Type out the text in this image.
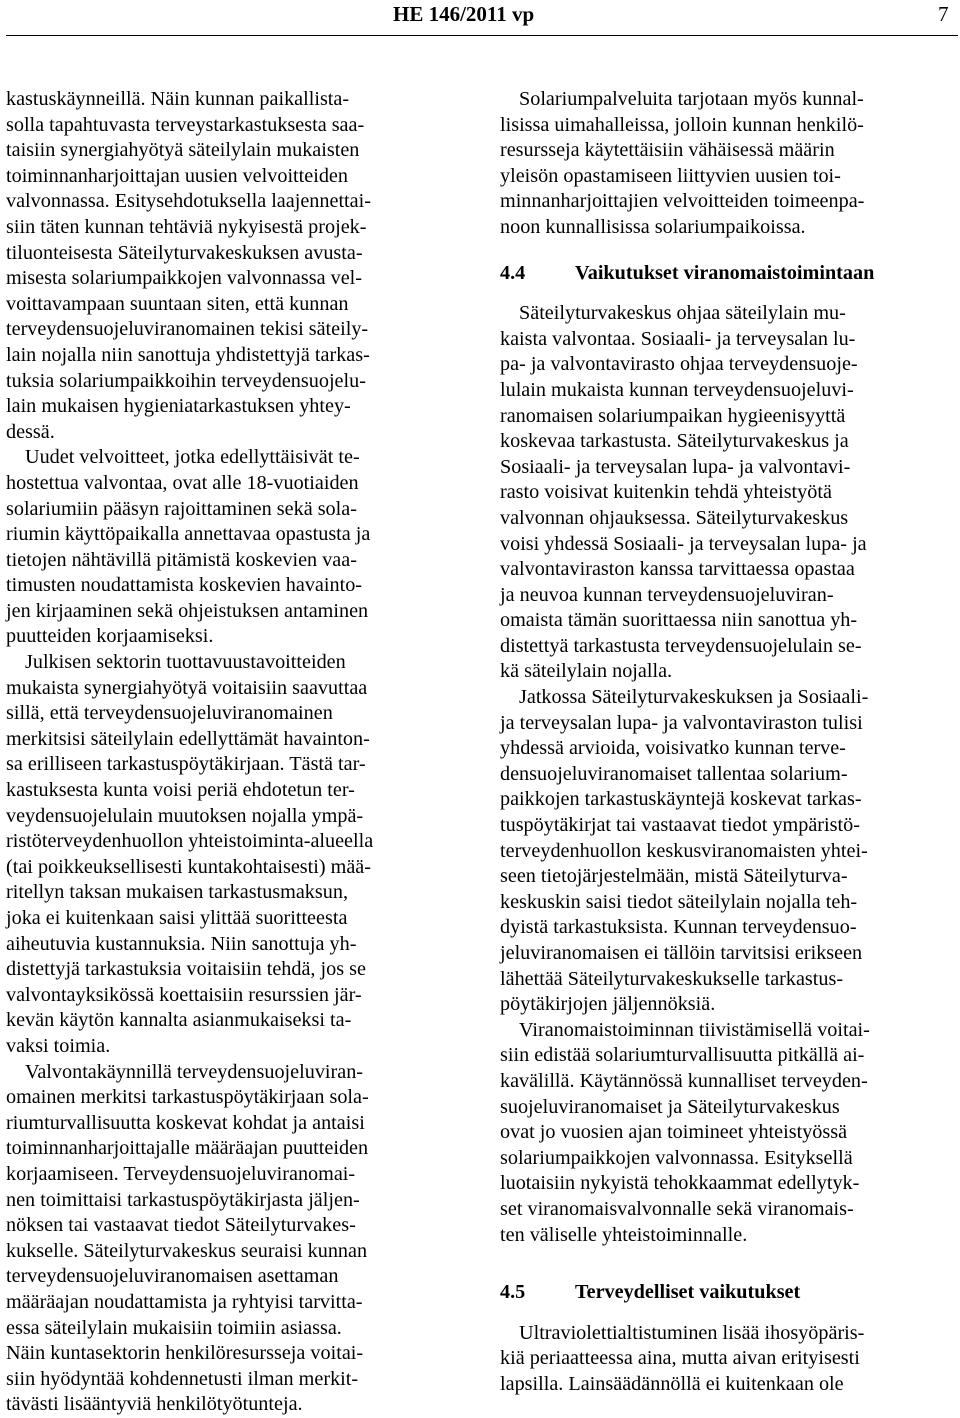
HE 146/2011 vp	7

kastuskäynneillä. Näin kunnan paikallista-
solla tapahtuvasta terveystarkastuksesta saa-
taisiin synergiahyötyä säteilylain mukaisten
toiminnanharjoittajan uusien velvoitteiden
valvonnassa. Esitysehdotuksella laajennettai-
siin täten kunnan tehtäviä nykyisestä projek-
tiluonteisesta Säteilyturvakeskuksen avusta-
misesta solariumpaikkojen valvonnassa vel-
voittavampaan suuntaan siten, että kunnan
terveydensuojeluviranomainen tekisi säteily-
lain nojalla niin sanottuja yhdistettyjä tarkas-
tuksia solariumpaikkoihin terveydensuojelu-
lain mukaisen hygieniatarkastuksen yhtey-
dessä.

Uudet velvoitteet, jotka edellyttäisivät te-
hostettua valvontaa, ovat alle 18-vuotiaiden
solariumiin pääsyn rajoittaminen sekä sola-
riumin käyttöpaikalla annettavaa opastusta ja
tietojen nähtävillä pitämistä koskevien vaa-
timusten noudattamista koskevien havainto-
jen kirjaaminen sekä ohjeistuksen antaminen
puutteiden korjaamiseksi.

Julkisen sektorin tuottavuustavoitteiden
mukaista synergiahyötyä voitaisiin saavuttaa
sillä, että terveydensuojeluviranomainen
merkitsisi säteilylain edellyttämät havainton-
sa erilliseen tarkastuspöytäkirjaan. Tästä tar-
kastuksesta kunta voisi periä ehdotetun ter-
veydensuojelulain muutoksen nojalla ympä-
ristöterveydenhuollon yhteistoiminta-alueella
(tai poikkeuksellisesti kuntakohtaisesti) mää-
ritellyn taksan mukaisen tarkastusmaksun,
joka ei kuitenkaan saisi ylittää suoritteesta
aiheutuvia kustannuksia. Niin sanottuja yh-
distettyjä tarkastuksia voitaisiin tehdä, jos se
valvontayksikössä koettaisiin resurssien jär-
kevän käytön kannalta asianmukaiseksi ta-
vaksi toimia.

Valvontakäynnillä terveydensuojeluviran-
omainen merkitsi tarkastuspöytäkirjaan sola-
riumturvallisuutta koskevat kohdat ja antaisi
toiminnanharjoittajalle määräajan puutteiden
korjaamiseen. Terveydensuojeluviranomai-
nen toimittaisi tarkastuspöytäkirjasta jäljen-
nöksen tai vastaavat tiedot Säteilyturvakes-
kukselle. Säteilyturvakeskus seuraisi kunnan
terveydensuojeluviranomaisen asettaman
määräajan noudattamista ja ryhtyisi tarvitta-
essa säteilylain mukaisiin toimiin asiassa.
Näin kuntasektorin henkilöresursseja voitai-
siin hyödyntää kohdennetusti ilman merkit-
tävästi lisääntyviä henkilötyötunteja.

Solariumpalveluita tarjotaan myös kunnal-
lisissa uimahalleissa, jolloin kunnan henkilö-
resursseja käytettäisiin vähäisessä määrin
yleisön opastamiseen liittyvien uusien toi-
minnanharjoittajien velvoitteiden toimeenpa-
noon kunnallisissa solariumpaikoissa.

4.4 Vaikutukset viranomaistoimintaan

Säteilyturvakeskus ohjaa säteilylain mu-
kaista valvontaa. Sosiaali- ja terveysalan lu-
pa- ja valvontavirasto ohjaa terveydensuoje-
lulain mukaista kunnan terveydensuojeluvi-
ranomaisen solariumpaikan hygieenisyyttä
koskevaa tarkastusta. Säteilyturvakeskus ja
Sosiaali- ja terveysalan lupa- ja valvontavi-
rasto voisivat kuitenkin tehdä yhteistyötä
valvonnan ohjauksessa. Säteilyturvakeskus
voisi yhdessä Sosiaali- ja terveysalan lupa- ja
valvontaviraston kanssa tarvittaessa opastaa
ja neuvoa kunnan terveydensuojeluviran-
omaista tämän suorittaessa niin sanottua yh-
distettyä tarkastusta terveydensuojelulain se-
kä säteilylain nojalla.

Jatkossa Säteilyturvakeskuksen ja Sosiaali-
ja terveysalan lupa- ja valvontaviraston tulisi
yhdessä arvioida, voisivatko kunnan terve-
densuojeluviranomaiset tallentaa solarium-
paikkojen tarkastuskäyntejä koskevat tarkas-
tuspöytäkirjat tai vastaavat tiedot ympäristö-
terveydenhuollon keskusviranomaisten yhtei-
seen tietojärjestelmään, mistä Säteilyturva-
keskuskin saisi tiedot säteilylain nojalla teh-
dyistä tarkastuksista. Kunnan terveydensuo-
jeluviranomaisen ei tällöin tarvitsisi erikseen
lähettää Säteilyturvakeskukselle tarkastus-
pöytäkirjojen jäljennöksiä.

Viranomaistoiminnan tiivistämisellä voitai-
siin edistää solariumturvallisuutta pitkällä ai-
kavälillä. Käytännössä kunnalliset terveyden-
suojeluviranomaiset ja Säteilyturvakeskus
ovat jo vuosien ajan toimineet yhteistyössä
solariumpaikkojen valvonnassa. Esityksellä
luotaisiin nykyistä tehokkaammat edellytyk-
set viranomaisvalvonnalle sekä viranomais-
ten väliselle yhteistoiminnalle.

4.5 Terveydelliset vaikutukset

Ultraviolettialtistuminen lisää ihosyöpäris-
kiä periaatteessa aina, mutta aivan erityisesti
lapsilla. Lainsäädännöllä ei kuitenkaan ole
